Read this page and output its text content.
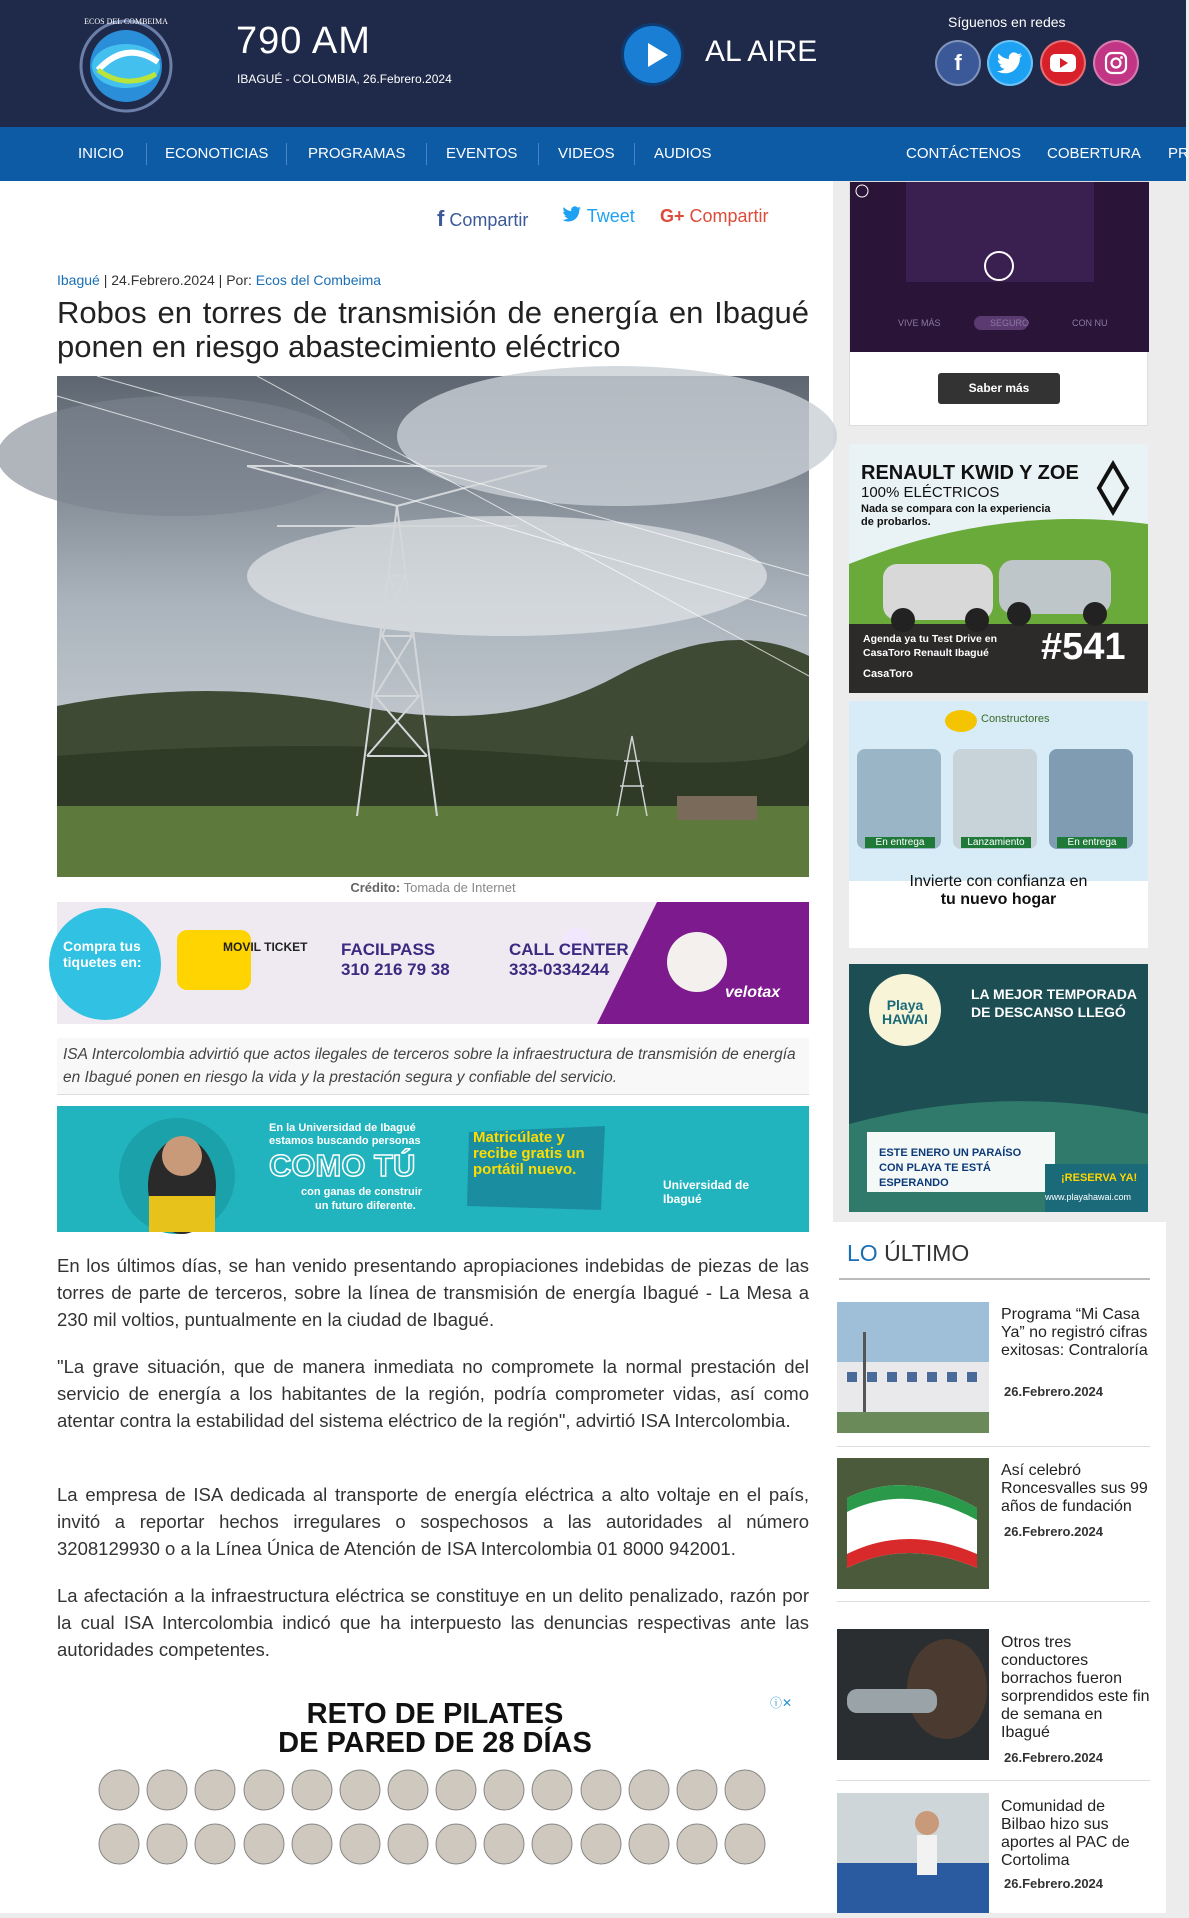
ECOS DEL COMBEIMA 790 AM
IBAGUÉ - COLOMBIA, 26.Febrero.2024
AL AIRE
Síguenos en redes
f
INICIO	ECONOTICIAS	PROGRAMAS	EVENTOS	VIDEOS	AUDIOS	CONTÁCTENOS COBERTURA PR
f Compartir	Tweet G+ Compartir
Ibagué | 24.Febrero.2024 | Por: Ecos del Combeima
Robos en torres de transmisión de energía en Ibagué ponen en riesgo abastecimiento eléctrico
Crédito: Tomada de Internet
Compra tus tiquetes en:
MOVIL TICKET FACILPASS
310 216 79 38
CALL CENTER
333-0334244
velotax
ISA Intercolombia advirtió que actos ilegales de terceros sobre la infraestructura de transmisión de energía en Ibagué ponen en riesgo la vida y la prestación segura y confiable del servicio.
En la Universidad de Ibagué
estamos buscando personas
COMO TÚ
con ganas de construir
un futuro diferente.
Matricúlate y recibe gratis un portátil nuevo.
Universidad de Ibagué

En los últimos días, se han venido presentando apropiaciones indebidas de piezas de las torres de parte de terceros, sobre la línea de transmisión de energía Ibagué - La Mesa a 230 mil voltios, puntualmente en la ciudad de Ibagué.

"La grave situación, que de manera inmediata no compromete la normal prestación del servicio de energía a los habitantes de la región, podría comprometer vidas, así como atentar contra la estabilidad del sistema eléctrico de la región", advirtió ISA Intercolombia.

La empresa de ISA dedicada al transporte de energía eléctrica a alto voltaje en el país, invitó a reportar hechos irregulares o sospechosos a las autoridades al número 3208129930 o a la Línea Única de Atención de ISA Intercolombia 01 8000 942001.

La afectación a la infraestructura eléctrica se constituye en un delito penalizado, razón por la cual ISA Intercolombia indicó que ha interpuesto las denuncias respectivas ante las autoridades competentes.

ⓘ✕
RETO DE PILATES
DE PARED DE 28 DÍAS
VIVE MÁS	SEGURO	CON NU
Saber más
RENAULT KWID Y ZOE
100% ELÉCTRICOS
Nada se compara con la experiencia de probarlos.
Agenda ya tu Test Drive en CasaToro Renault Ibagué	#541
CasaToro
Constructores
En entrega	Lanzamiento	En entrega
Invierte con confianza en
tu nuevo hogar
Playa HAWAI
LA MEJOR TEMPORADA
DE DESCANSO LLEGÓ
ESTE ENERO UN PARAÍSO CON PLAYA TE ESTÁ ESPERANDO	¡RESERVA YA!
www.playahawai.com
LO ÚLTIMO
Programa “Mi Casa Ya” no registró cifras exitosas: Contraloría
26.Febrero.2024
Así celebró Roncesvalles sus 99 años de fundación
26.Febrero.2024
Otros tres conductores borrachos fueron sorprendidos este fin de semana en Ibagué
26.Febrero.2024
Comunidad de Bilbao hizo sus aportes al PAC de Cortolima
26.Febrero.2024
